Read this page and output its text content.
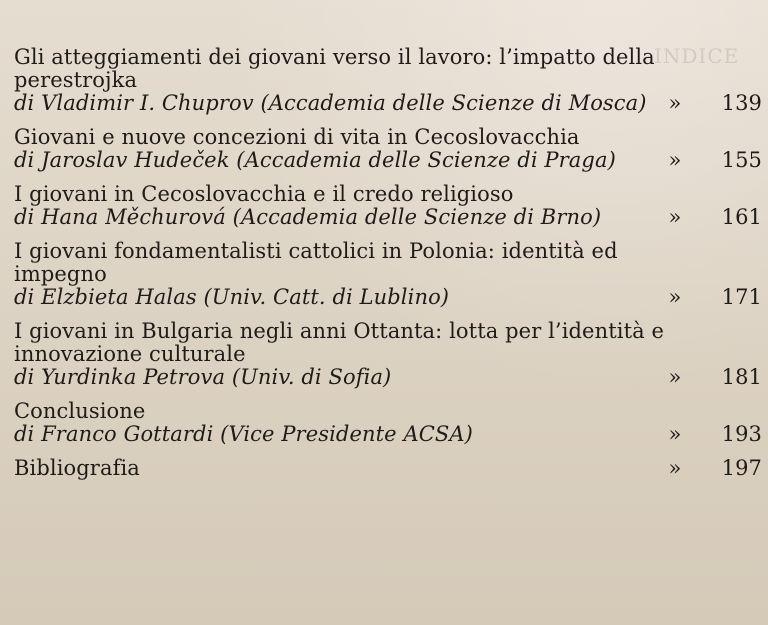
INDICE
Gli atteggiamenti dei giovani verso il lavoro: l’impatto della
perestrojka
di Vladimir I. Chuprov (Accademia delle Scienze di Mosca) »	139
Giovani e nuove concezioni di vita in Cecoslovacchia
di Jaroslav Hudeček (Accademia delle Scienze di Praga)	»	155
I giovani in Cecoslovacchia e il credo religioso
di Hana Měchurová (Accademia delle Scienze di Brno)	»	161
I giovani fondamentalisti cattolici in Polonia: identità ed
impegno
di Elzbieta Halas (Univ. Catt. di Lublino)	»	171
I giovani in Bulgaria negli anni Ottanta: lotta per l’identità e
innovazione culturale
di Yurdinka Petrova (Univ. di Sofia)	»	181
Conclusione
di Franco Gottardi (Vice Presidente ACSA)	»	193
Bibliografia	»	197
